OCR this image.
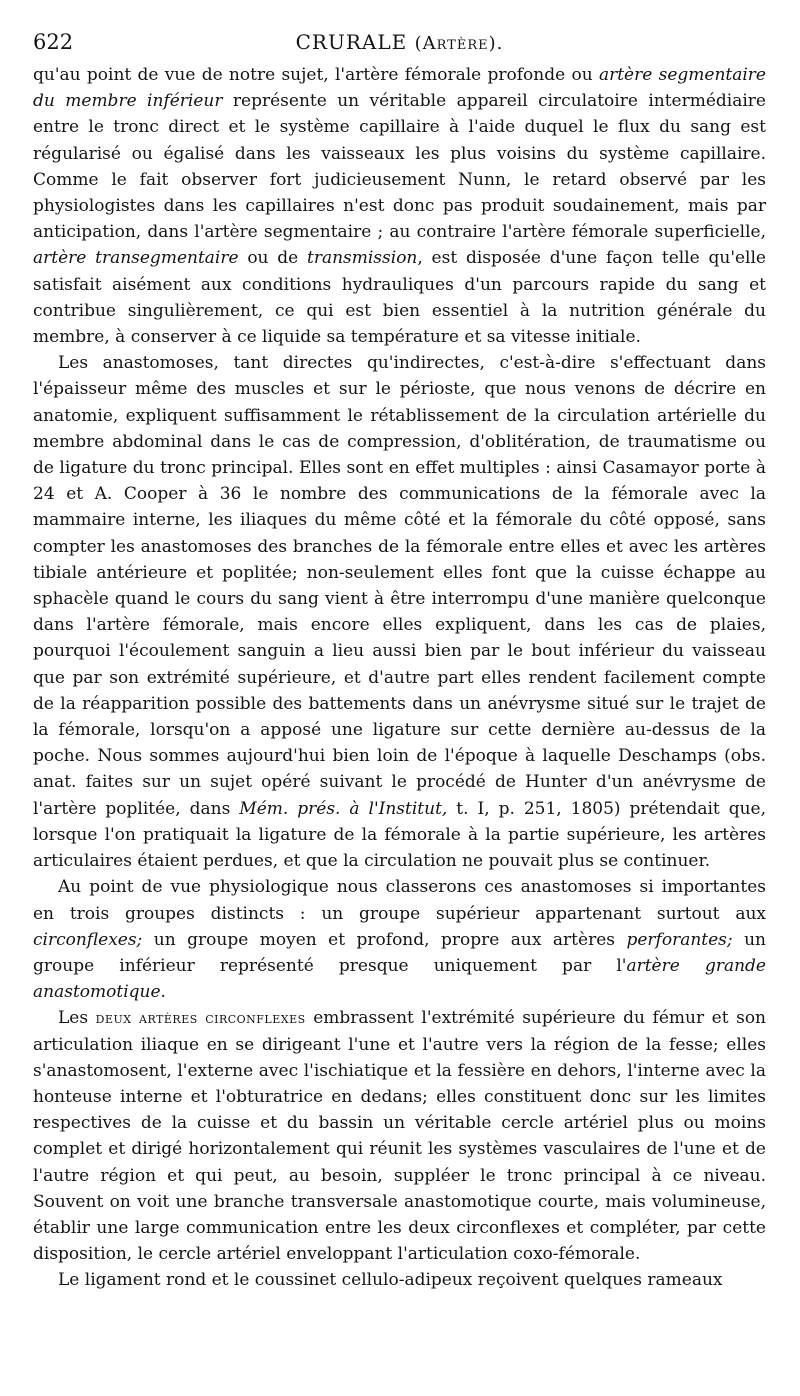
622	CRURALE (Artère).

qu'au point de vue de notre sujet, l'artère fémorale profonde ou artère segmentaire du membre inférieur représente un véritable appareil circulatoire intermédiaire entre le tronc direct et le système capillaire à l'aide duquel le flux du sang est régularisé ou égalisé dans les vaisseaux les plus voisins du système capillaire. Comme le fait observer fort judicieusement Nunn, le retard observé par les physiologistes dans les capillaires n'est donc pas produit soudainement, mais par anticipation, dans l'artère segmentaire ; au contraire l'artère fémorale superficielle, artère transegmentaire ou de transmission, est disposée d'une façon telle qu'elle satisfait aisément aux conditions hydrauliques d'un parcours rapide du sang et contribue singulièrement, ce qui est bien essentiel à la nutrition générale du membre, à conserver à ce liquide sa température et sa vitesse initiale.

Les anastomoses, tant directes qu'indirectes, c'est-à-dire s'effectuant dans l'épaisseur même des muscles et sur le périoste, que nous venons de décrire en anatomie, expliquent suffisamment le rétablissement de la circulation artérielle du membre abdominal dans le cas de compression, d'oblitération, de traumatisme ou de ligature du tronc principal. Elles sont en effet multiples : ainsi Casamayor porte à 24 et A. Cooper à 36 le nombre des communications de la fémorale avec la mammaire interne, les iliaques du même côté et la fémorale du côté opposé, sans compter les anastomoses des branches de la fémorale entre elles et avec les artères tibiale antérieure et poplitée; non-seulement elles font que la cuisse échappe au sphacèle quand le cours du sang vient à être interrompu d'une manière quelconque dans l'artère fémorale, mais encore elles expliquent, dans les cas de plaies, pourquoi l'écoulement sanguin a lieu aussi bien par le bout inférieur du vaisseau que par son extrémité supérieure, et d'autre part elles rendent facilement compte de la réapparition possible des battements dans un anévrysme situé sur le trajet de la fémorale, lorsqu'on a apposé une ligature sur cette dernière au-dessus de la poche. Nous sommes aujourd'hui bien loin de l'époque à laquelle Deschamps (obs. anat. faites sur un sujet opéré suivant le procédé de Hunter d'un anévrysme de l'artère poplitée, dans Mém. prés. à l'Institut, t. I, p. 251, 1805) prétendait que, lorsque l'on pratiquait la ligature de la fémorale à la partie supérieure, les artères articulaires étaient perdues, et que la circulation ne pouvait plus se continuer.

Au point de vue physiologique nous classerons ces anastomoses si importantes en trois groupes distincts : un groupe supérieur appartenant surtout aux circonflexes; un groupe moyen et profond, propre aux artères perforantes; un groupe inférieur représenté presque uniquement par l'artère grande anastomotique.

Les deux artères circonflexes embrassent l'extrémité supérieure du fémur et son articulation iliaque en se dirigeant l'une et l'autre vers la région de la fesse; elles s'anastomosent, l'externe avec l'ischiatique et la fessière en dehors, l'interne avec la honteuse interne et l'obturatrice en dedans; elles constituent donc sur les limites respectives de la cuisse et du bassin un véritable cercle artériel plus ou moins complet et dirigé horizontalement qui réunit les systèmes vasculaires de l'une et de l'autre région et qui peut, au besoin, suppléer le tronc principal à ce niveau. Souvent on voit une branche transversale anastomotique courte, mais volumineuse, établir une large communication entre les deux circonflexes et compléter, par cette disposition, le cercle artériel enveloppant l'articulation coxo-fémorale.

Le ligament rond et le coussinet cellulo-adipeux reçoivent quelques rameaux
